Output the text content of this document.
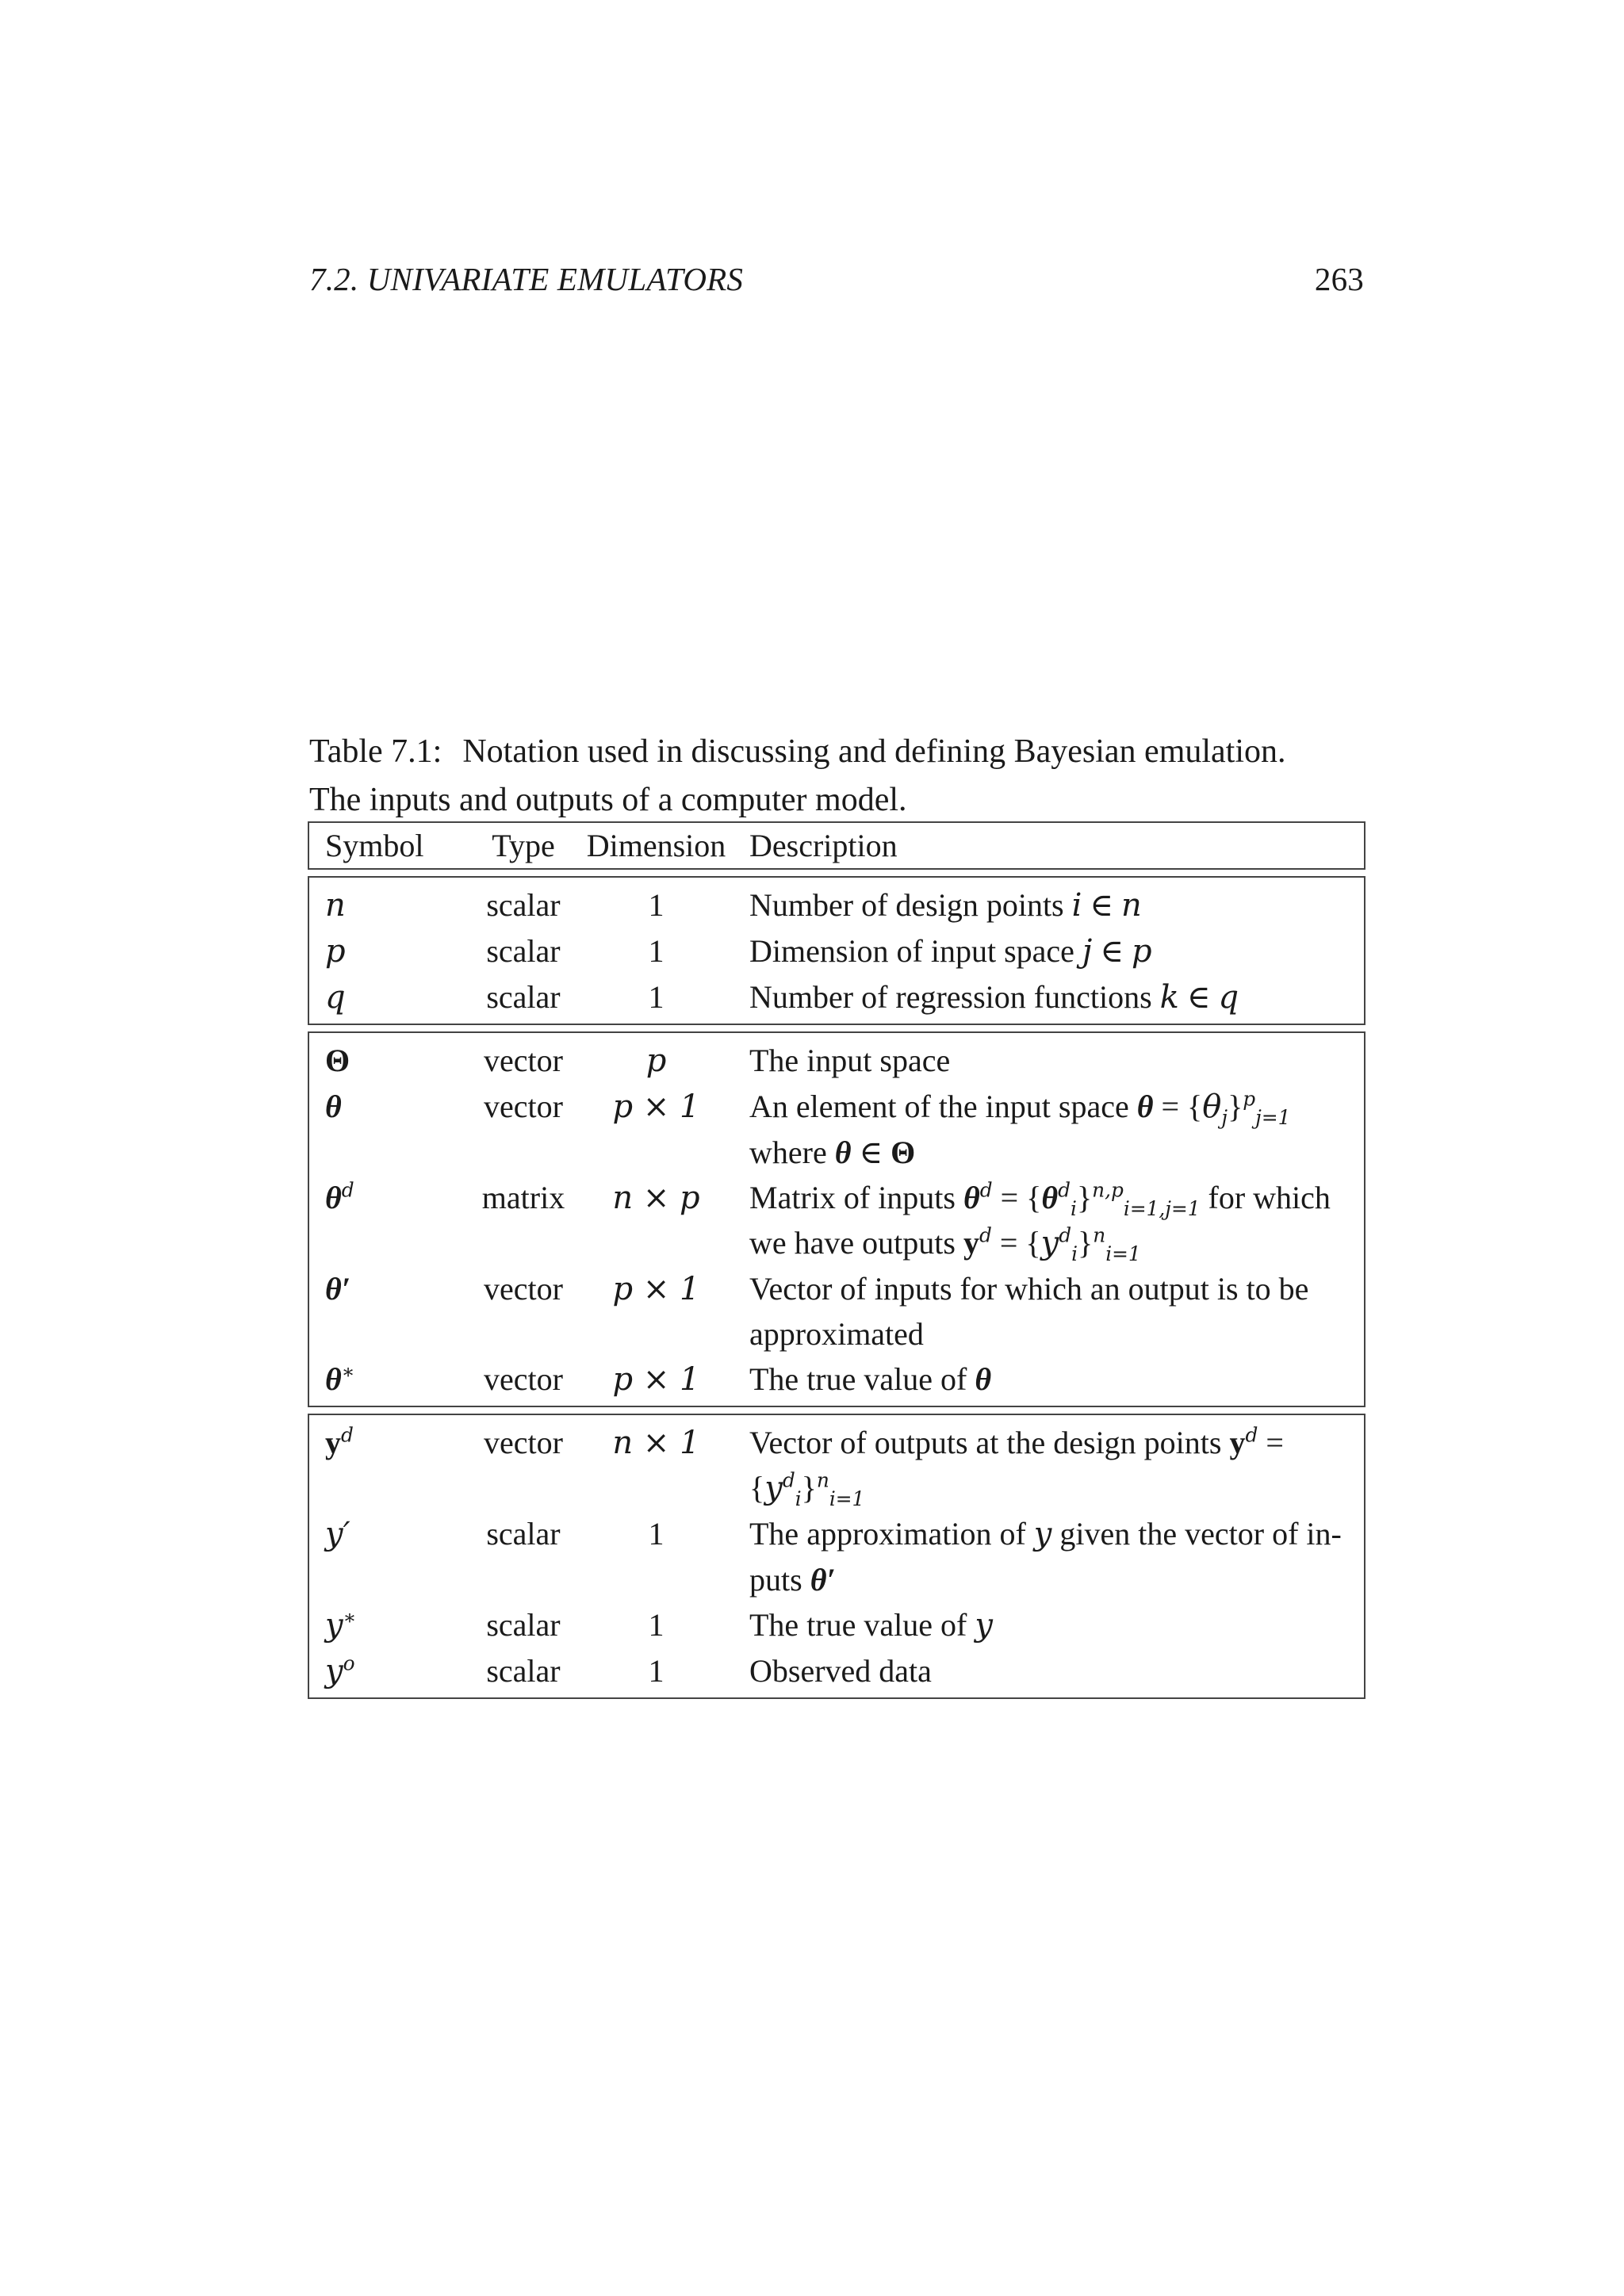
7.2. UNIVARIATE EMULATORS	263
Table 7.1: Notation used in discussing and defining Bayesian emulation.
The inputs and outputs of a computer model.
Symbol	Type	Dimension	Description

n	scalar	1	Number of design points i ∈ n
p	scalar	1	Dimension of input space j ∈ p
q	scalar	1	Number of regression functions k ∈ q

Θ	vector	p	The input space
θ	vector	p × 1	An element of the input space $\theta = \{\theta_j\}^p_{j=1}$
where θ ∈ Θ
$\theta^d$	matrix	n × p	Matrix of inputs $\theta^d = \{\theta^d_i\}^{n,p}_{i=1,j=1}$ for which
we have outputs $y^d = \{y^d_i\}^n_{i=1}$
θ′	vector	p × 1	Vector of inputs for which an output is to be
approximated
θ∗	vector	p × 1	The true value of θ

$y^d$	vector	n × 1	Vector of outputs at the design points $y^d$ =
$\{y^d_i\}^n_{i=1}$
y′	scalar	1	The approximation of y given the vector of in-
puts θ′
y∗	scalar	1	The true value of y
$y^o$	scalar	1	Observed data
